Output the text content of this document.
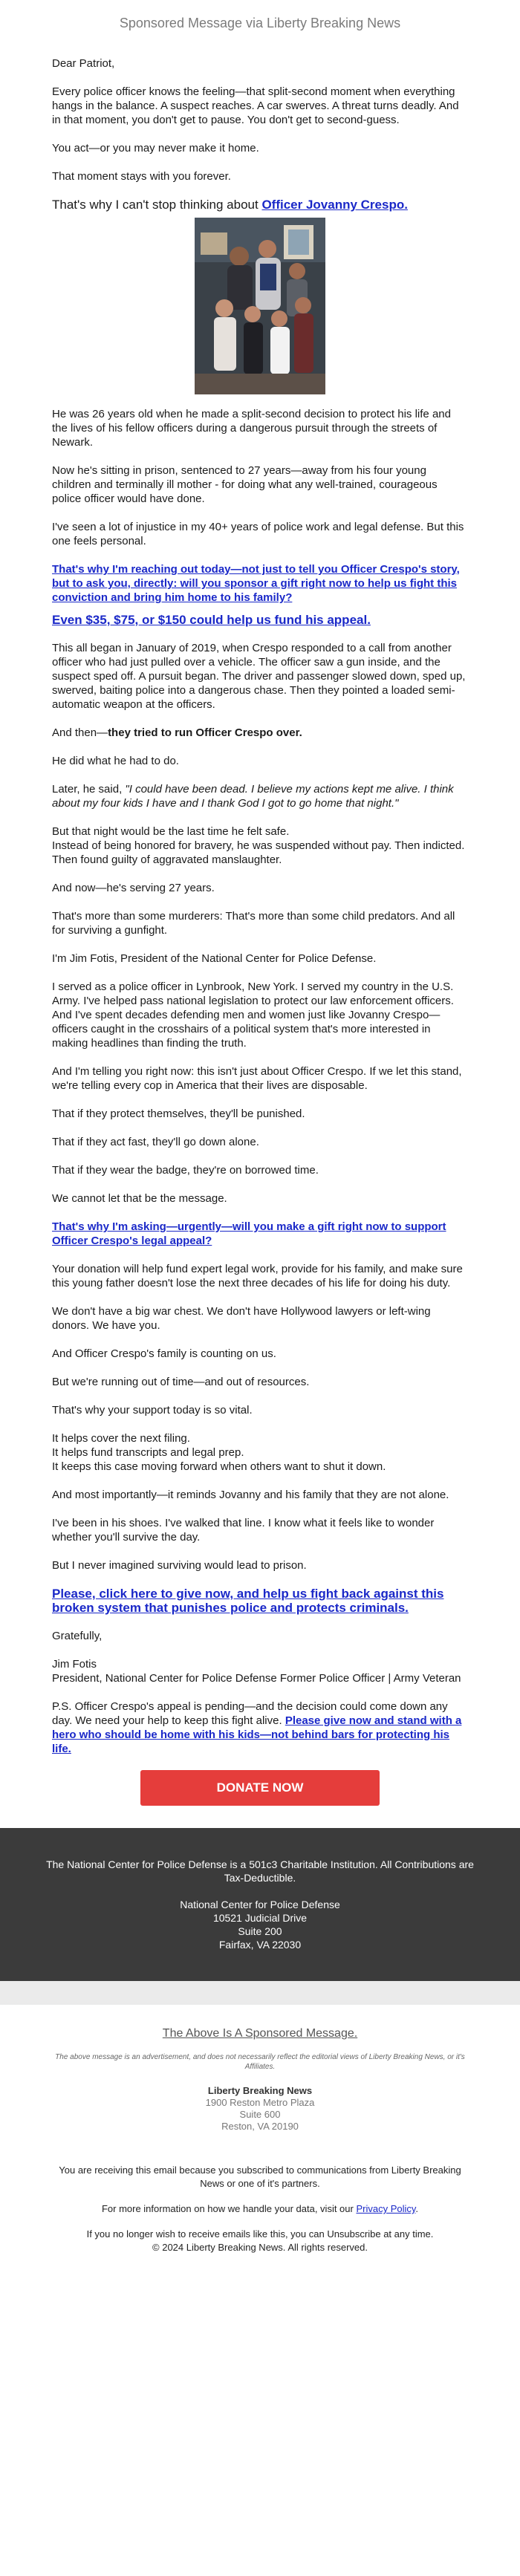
Sponsored Message via Liberty Breaking News

Dear Patriot,

Every police officer knows the feeling—that split-second moment when everything hangs in the balance. A suspect reaches. A car swerves. A threat turns deadly. And in that moment, you don't get to pause. You don't get to second-guess.

You act—or you may never make it home.

That moment stays with you forever.

That's why I can't stop thinking about Officer Jovanny Crespo.

He was 26 years old when he made a split-second decision to protect his life and the lives of his fellow officers during a dangerous pursuit through the streets of Newark.

Now he's sitting in prison, sentenced to 27 years—away from his four young children and terminally ill mother - for doing what any well-trained, courageous police officer would have done.

I've seen a lot of injustice in my 40+ years of police work and legal defense. But this one feels personal.

That's why I'm reaching out today—not just to tell you Officer Crespo's story, but to ask you, directly: will you sponsor a gift right now to help us fight this conviction and bring him home to his family?

Even $35, $75, or $150 could help us fund his appeal.

This all began in January of 2019, when Crespo responded to a call from another officer who had just pulled over a vehicle. The officer saw a gun inside, and the suspect sped off. A pursuit began. The driver and passenger slowed down, sped up, swerved, baiting police into a dangerous chase. Then they pointed a loaded semi-automatic weapon at the officers.

And then—they tried to run Officer Crespo over.

He did what he had to do.

Later, he said, "I could have been dead. I believe my actions kept me alive. I think about my four kids I have and I thank God I got to go home that night."

But that night would be the last time he felt safe.
Instead of being honored for bravery, he was suspended without pay. Then indicted. Then found guilty of aggravated manslaughter.

And now—he's serving 27 years.

That's more than some murderers: That's more than some child predators. And all for surviving a gunfight.

I'm Jim Fotis, President of the National Center for Police Defense.

I served as a police officer in Lynbrook, New York. I served my country in the U.S. Army. I've helped pass national legislation to protect our law enforcement officers. And I've spent decades defending men and women just like Jovanny Crespo—officers caught in the crosshairs of a political system that's more interested in making headlines than finding the truth.

And I'm telling you right now: this isn't just about Officer Crespo. If we let this stand, we're telling every cop in America that their lives are disposable.

That if they protect themselves, they'll be punished.

That if they act fast, they'll go down alone.

That if they wear the badge, they're on borrowed time.

We cannot let that be the message.

That's why I'm asking—urgently—will you make a gift right now to support Officer Crespo's legal appeal?

Your donation will help fund expert legal work, provide for his family, and make sure this young father doesn't lose the next three decades of his life for doing his duty.

We don't have a big war chest. We don't have Hollywood lawyers or left-wing donors. We have you.

And Officer Crespo's family is counting on us.

But we're running out of time—and out of resources.

That's why your support today is so vital.

It helps cover the next filing.
It helps fund transcripts and legal prep.
It keeps this case moving forward when others want to shut it down.

And most importantly—it reminds Jovanny and his family that they are not alone.

I've been in his shoes. I've walked that line. I know what it feels like to wonder whether you'll survive the day.

But I never imagined surviving would lead to prison.

Please, click here to give now, and help us fight back against this broken system that punishes police and protects criminals.

Gratefully,

Jim Fotis
President, National Center for Police Defense Former Police Officer | Army Veteran

P.S. Officer Crespo's appeal is pending—and the decision could come down any day. We need your help to keep this fight alive. Please give now and stand with a hero who should be home with his kids—not behind bars for protecting his life.

DONATE NOW

The National Center for Police Defense is a 501c3 Charitable Institution. All Contributions are Tax-Deductible.

National Center for Police Defense
10521 Judicial Drive
Suite 200
Fairfax, VA 22030
The Above Is A Sponsored Message.
The above message is an advertisement, and does not necessarily reflect the editorial views of Liberty Breaking News, or it's Affiliates.
Liberty Breaking News
1900 Reston Metro Plaza
Suite 600
Reston, VA 20190

You are receiving this email because you subscribed to communications from Liberty Breaking News or one of it's partners.

For more information on how we handle your data, visit our Privacy Policy.

If you no longer wish to receive emails like this, you can Unsubscribe at any time.
© 2024 Liberty Breaking News. All rights reserved.
